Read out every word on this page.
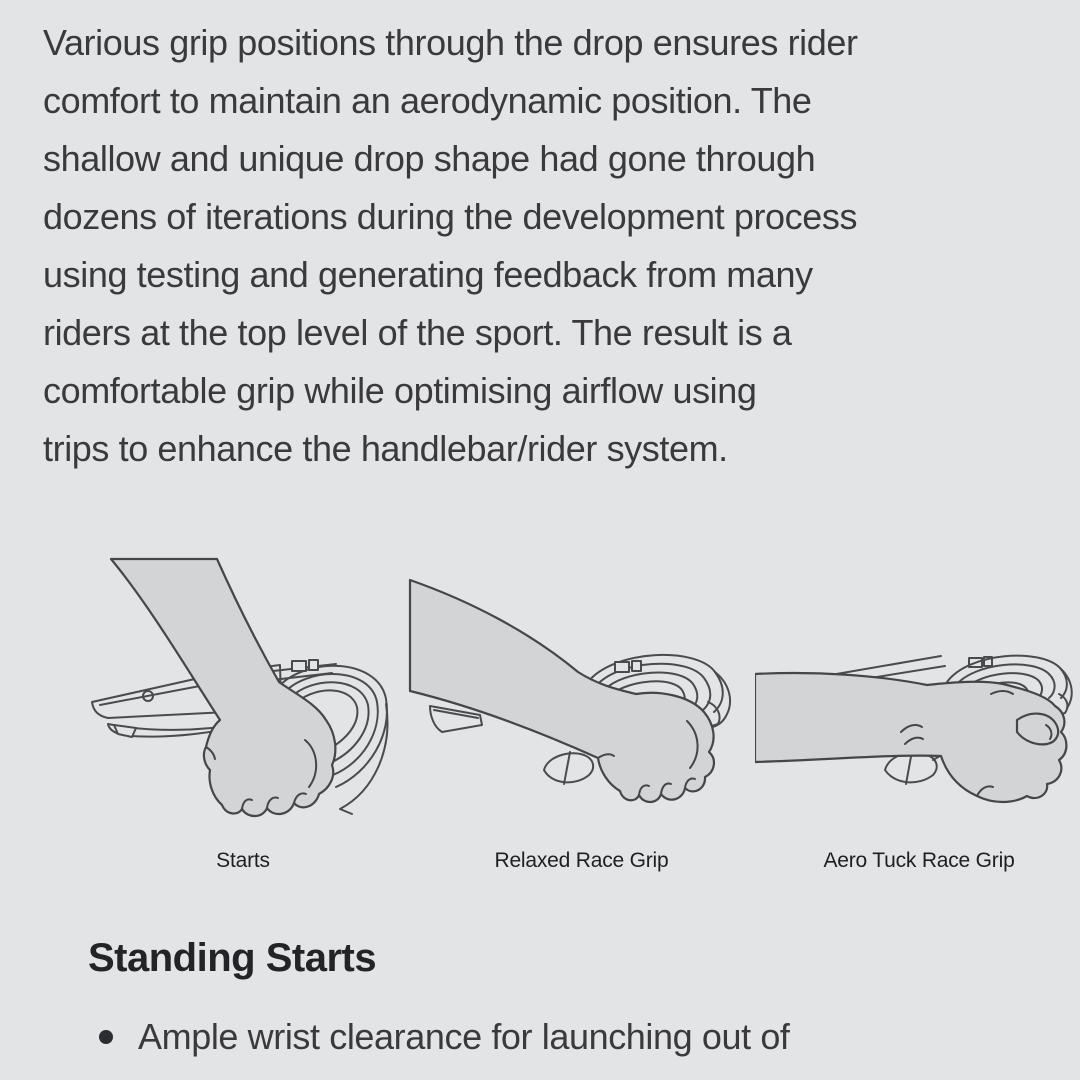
Various grip positions through the drop ensures rider
comfort to maintain an aerodynamic position. The
shallow and unique drop shape had gone through
dozens of iterations during the development process
using testing and generating feedback from many
riders at the top level of the sport. The result is a
comfortable grip while optimising airflow using
trips to enhance the handlebar/rider system.
Starts	Relaxed Race Grip	Aero Tuck Race Grip
Standing Starts
Ample wrist clearance for launching out of
